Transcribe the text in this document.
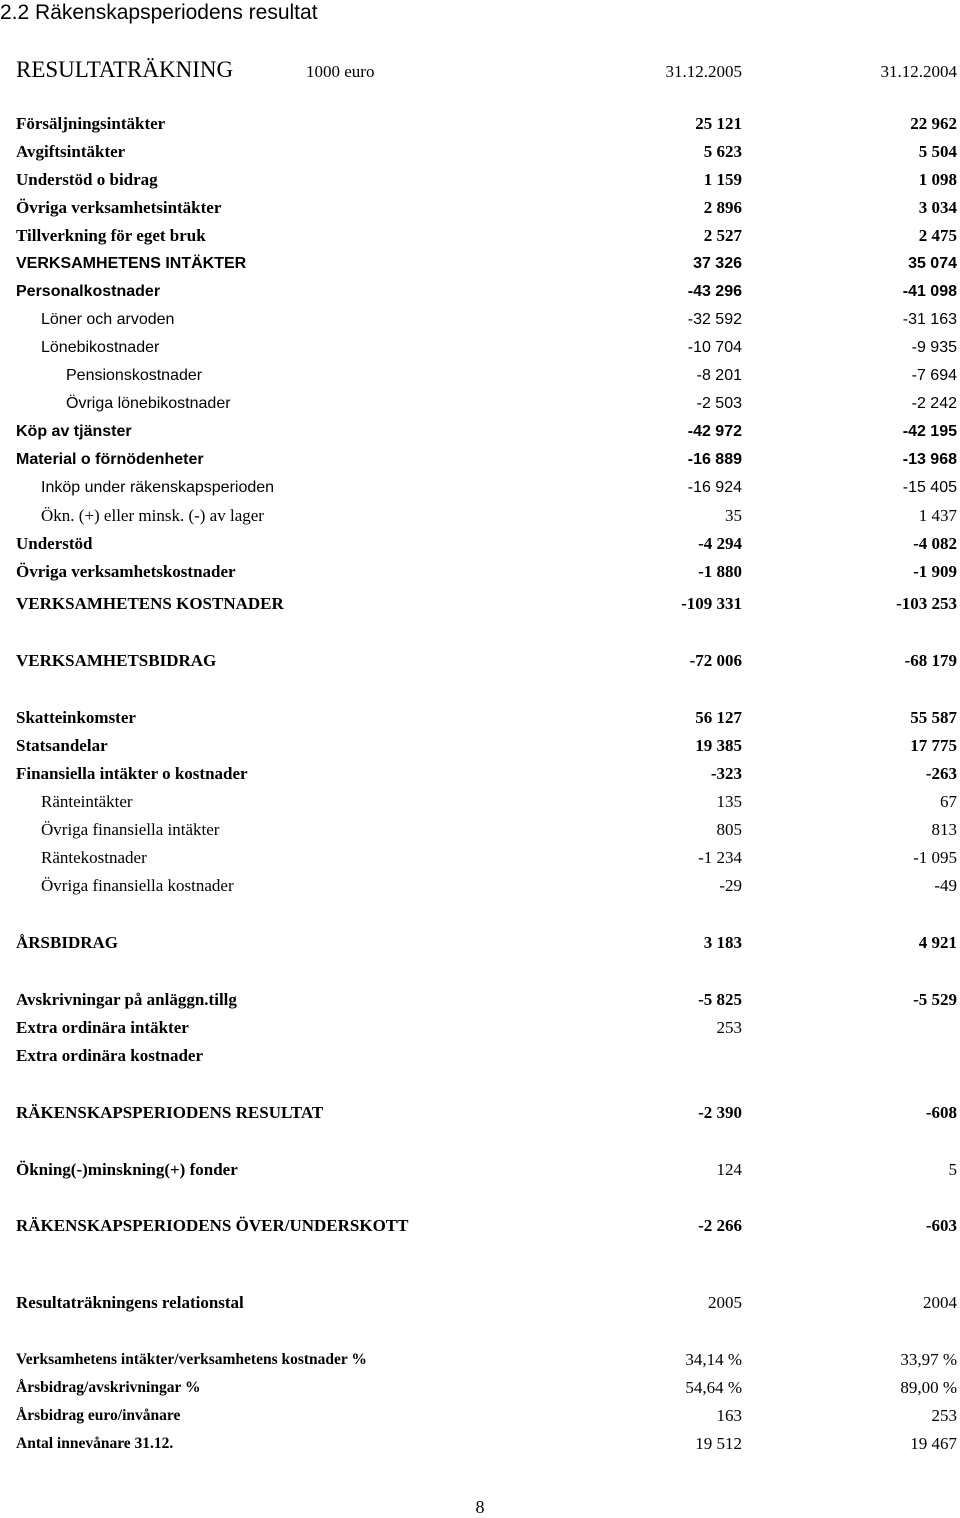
2.2 Räkenskapsperiodens resultat
RESULTATRÄKNING	1000 euro	31.12.2005	31.12.2004
Försäljningsintäkter	25 121	22 962
Avgiftsintäkter	5 623	5 504
Understöd o bidrag	1 159	1 098
Övriga verksamhetsintäkter	2 896	3 034
Tillverkning för eget bruk	2 527	2 475
VERKSAMHETENS INTÄKTER	37 326	35 074
Personalkostnader	-43 296	-41 098
Löner och arvoden	-32 592	-31 163
Lönebikostnader	-10 704	-9 935
Pensionskostnader	-8 201	-7 694
Övriga lönebikostnader	-2 503	-2 242
Köp av tjänster	-42 972	-42 195
Material o förnödenheter	-16 889	-13 968
Inköp under räkenskapsperioden	-16 924	-15 405
Ökn. (+) eller minsk. (-) av lager	35	1 437
Understöd	-4 294	-4 082
Övriga verksamhetskostnader	-1 880	-1 909
VERKSAMHETENS KOSTNADER	-109 331	-103 253
VERKSAMHETSBIDRAG	-72 006	-68 179
Skatteinkomster	56 127	55 587
Statsandelar	19 385	17 775
Finansiella intäkter o kostnader	-323	-263
Ränteintäkter	135	67
Övriga finansiella intäkter	805	813
Räntekostnader	-1 234	-1 095
Övriga finansiella kostnader	-29	-49
ÅRSBIDRAG	3 183	4 921
Avskrivningar på anläggn.tillg	-5 825	-5 529
Extra ordinära intäkter	253
Extra ordinära kostnader
RÄKENSKAPSPERIODENS RESULTAT	-2 390	-608
Ökning(-)minskning(+) fonder	124	5
RÄKENSKAPSPERIODENS ÖVER/UNDERSKOTT	-2 266	-603
Resultaträkningens relationstal	2005	2004
Verksamhetens intäkter/verksamhetens kostnader %	34,14 %	33,97 %
Årsbidrag/avskrivningar %	54,64 %	89,00 %
Årsbidrag euro/invånare	163	253
Antal innevånare 31.12.	19 512	19 467
8
